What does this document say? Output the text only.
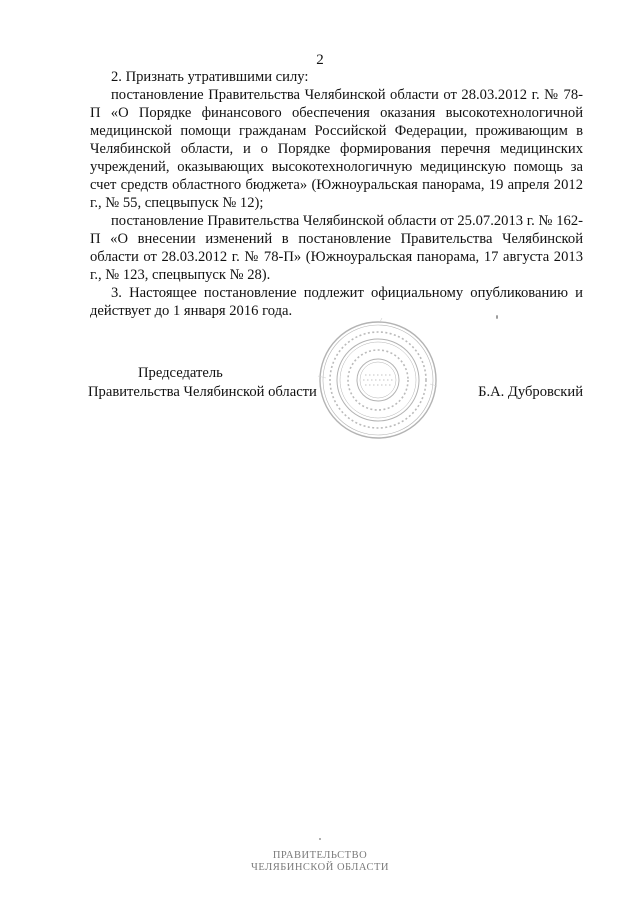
2

2. Признать утратившими силу:

постановление Правительства Челябинской области от 28.03.2012 г. № 78-П «О Порядке финансового обеспечения оказания высокотехнологичной медицинской помощи гражданам Российской Федерации, проживающим в Челябинской области, и о Порядке формирования перечня медицинских учреждений, оказывающих высокотехнологичную медицинскую помощь за счет средств областного бюджета» (Южноуральская панорама, 19 апреля 2012 г., № 55, спецвыпуск № 12);

постановление Правительства Челябинской области от 25.07.2013 г. № 162-П «О внесении изменений в постановление Правительства Челябинской области от 28.03.2012 г. № 78-П» (Южноуральская панорама, 17 августа 2013 г., № 123, спецвыпуск № 28).

3. Настоящее постановление подлежит официальному опубликованию и действует до 1 января 2016 года.

Председатель
Правительства Челябинской области	Б.А. Дубровский
ПРАВИТЕЛЬСТВО
ЧЕЛЯБИНСКОЙ ОБЛАСТИ
